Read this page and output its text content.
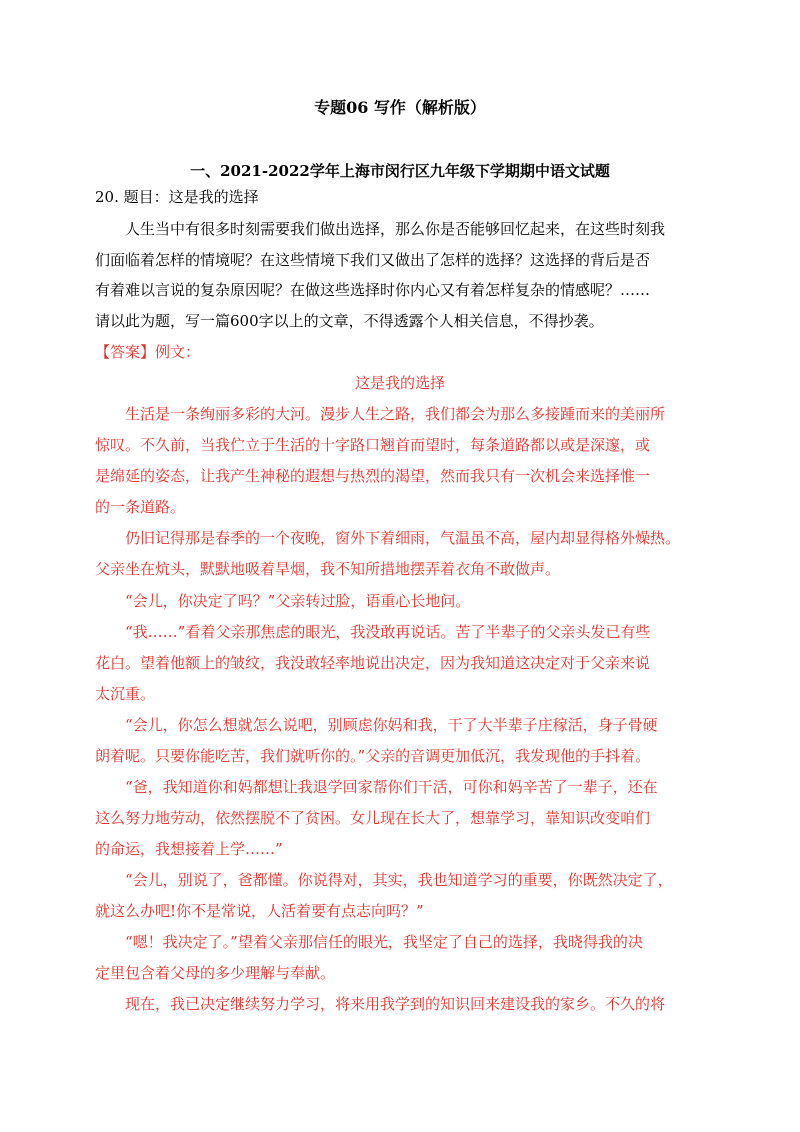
专题06 写作（解析版）
一、2021-2022学年上海市闵行区九年级下学期期中语文试题
20. 题目：这是我的选择
人生当中有很多时刻需要我们做出选择，那么你是否能够回忆起来，在这些时刻我
们面临着怎样的情境呢？在这些情境下我们又做出了怎样的选择？这选择的背后是否
有着难以言说的复杂原因呢？在做这些选择时你内心又有着怎样复杂的情感呢？……
请以此为题，写一篇600字以上的文章，不得透露个人相关信息，不得抄袭。
【答案】例文：
这是我的选择
生活是一条绚丽多彩的大河。漫步人生之路，我们都会为那么多接踵而来的美丽所
惊叹。不久前，当我伫立于生活的十字路口翘首而望时，每条道路都以或是深邃，或
是绵延的姿态，让我产生神秘的遐想与热烈的渴望，然而我只有一次机会来选择惟一
的一条道路。
仍旧记得那是春季的一个夜晚，窗外下着细雨，气温虽不高，屋内却显得格外燥热。
父亲坐在炕头，默默地吸着旱烟，我不知所措地摆弄着衣角不敢做声。
“会儿，你决定了吗？”父亲转过脸，语重心长地问。
“我……”看着父亲那焦虑的眼光，我没敢再说话。苦了半辈子的父亲头发已有些
花白。望着他额上的皱纹，我没敢轻率地说出决定，因为我知道这决定对于父亲来说
太沉重。
“会儿，你怎么想就怎么说吧，别顾虑你妈和我，干了大半辈子庄稼活，身子骨硬
朗着呢。只要你能吃苦，我们就听你的。”父亲的音调更加低沉，我发现他的手抖着。
“爸，我知道你和妈都想让我退学回家帮你们干活，可你和妈辛苦了一辈子，还在
这么努力地劳动，依然摆脱不了贫困。女儿现在长大了，想靠学习，靠知识改变咱们
的命运，我想接着上学……”
“会儿，别说了，爸都懂。你说得对，其实，我也知道学习的重要，你既然决定了，
就这么办吧!你不是常说，人活着要有点志向吗？”
“嗯！我决定了。”望着父亲那信任的眼光，我坚定了自己的选择，我晓得我的决
定里包含着父母的多少理解与奉献。
现在，我已决定继续努力学习，将来用我学到的知识回来建设我的家乡。不久的将
